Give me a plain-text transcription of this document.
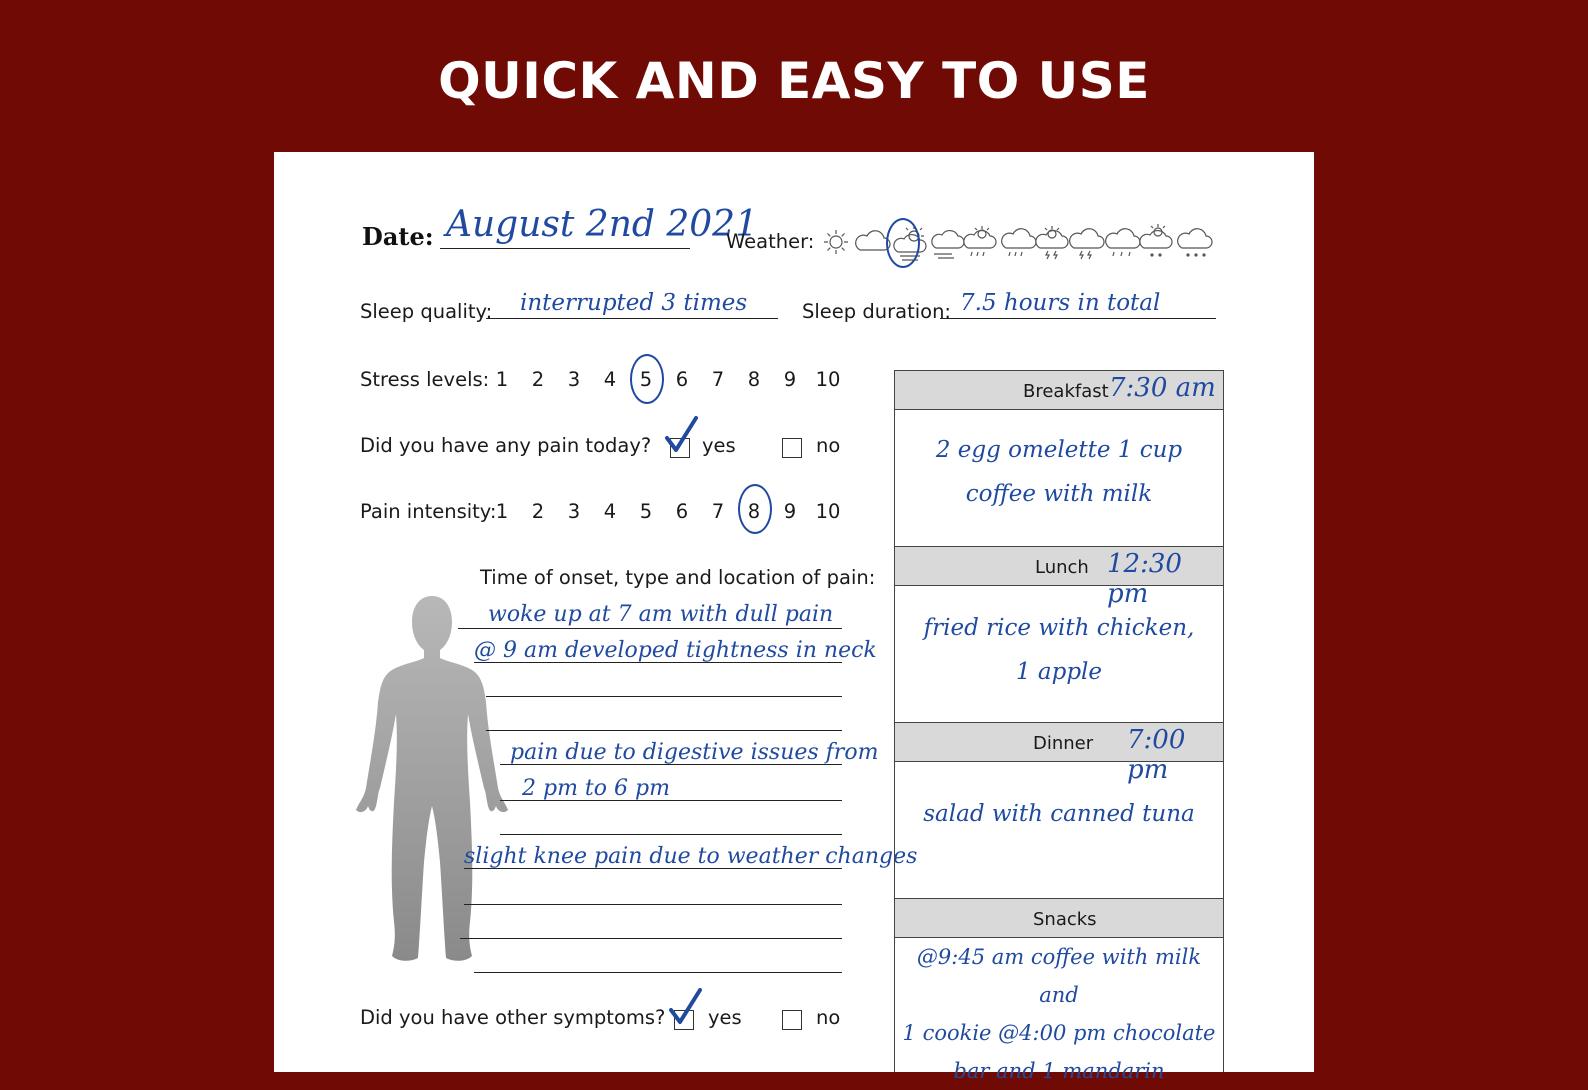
QUICK AND EASY TO USE
Date: August 2nd 2021
Weather:
Sleep quality: interrupted 3 times	Sleep duration: 7.5 hours in total
Stress levels: 1	2	3	4	5	6	7	8	9 10
Did you have any pain today?	yes	no
Pain intensity: 1	2	3	4	5	6	7	8	9 10
Time of onset, type and location of pain:
woke up at 7 am with dull pain
@ 9 am developed tightness in neck
pain due to digestive issues from
2 pm to 6 pm
slight knee pain due to weather changes
Did you have other symptoms? yes	no
Breakfast 7:30 am
2 egg omelette 1 cup
coffee with milk
Lunch 12:30 pm
fried rice with chicken,
1 apple
Dinner 7:00 pm
salad with canned tuna
Snacks
@9:45 am coffee with milk and
1 cookie @4:00 pm chocolate
bar and 1 mandarin
